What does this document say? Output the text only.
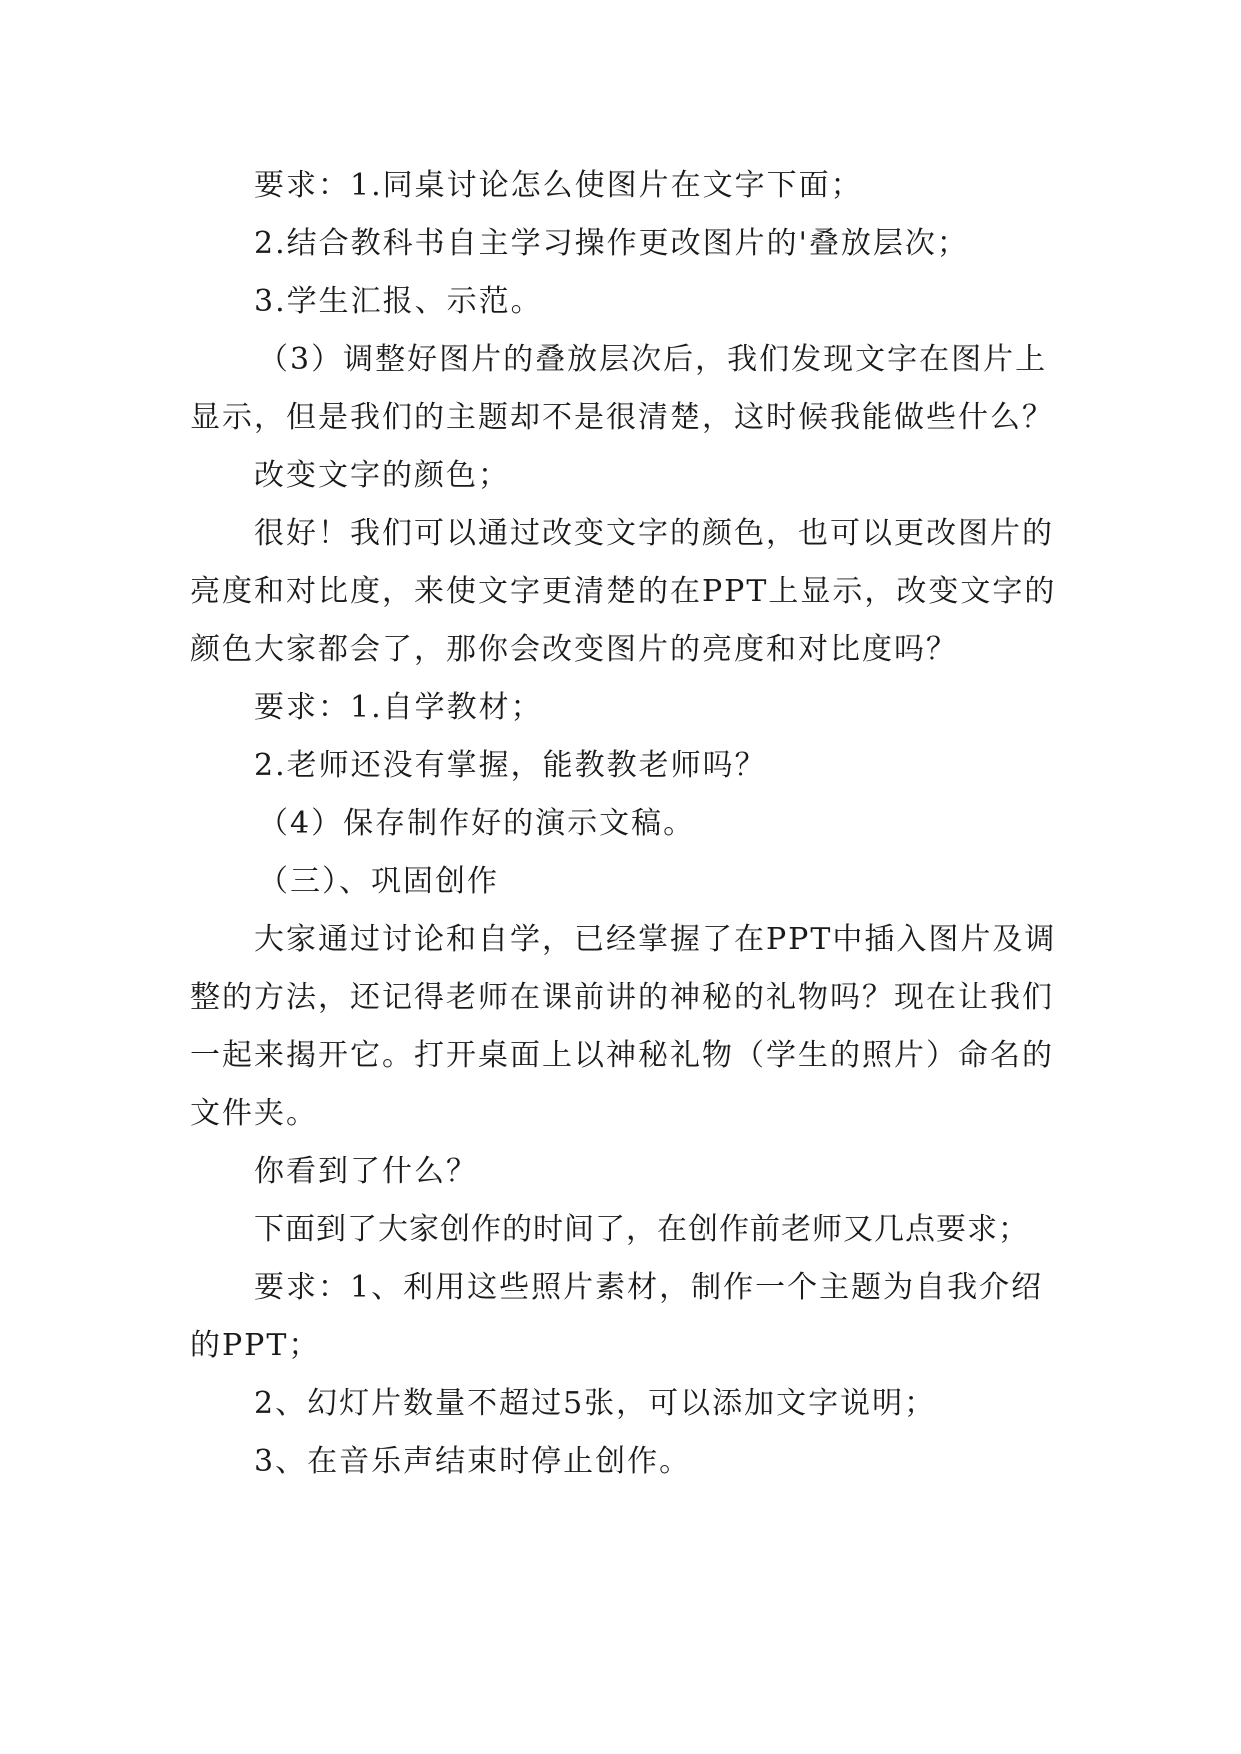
要求：1.同桌讨论怎么使图片在文字下面；

2.结合教科书自主学习操作更改图片的'叠放层次；

3.学生汇报、示范。

（3）调整好图片的叠放层次后，我们发现文字在图片上显示，但是我们的主题却不是很清楚，这时候我能做些什么？

改变文字的颜色；

很好！我们可以通过改变文字的颜色，也可以更改图片的亮度和对比度，来使文字更清楚的在PPT上显示，改变文字的颜色大家都会了，那你会改变图片的亮度和对比度吗？

要求：1.自学教材；

2.老师还没有掌握，能教教老师吗？

（4）保存制作好的演示文稿。

（三）、巩固创作

大家通过讨论和自学，已经掌握了在PPT中插入图片及调整的方法，还记得老师在课前讲的神秘的礼物吗？现在让我们一起来揭开它。打开桌面上以神秘礼物（学生的照片）命名的文件夹。

你看到了什么？

下面到了大家创作的时间了，在创作前老师又几点要求；

要求：1、利用这些照片素材，制作一个主题为自我介绍的PPT；

2、幻灯片数量不超过5张，可以添加文字说明；

3、在音乐声结束时停止创作。
